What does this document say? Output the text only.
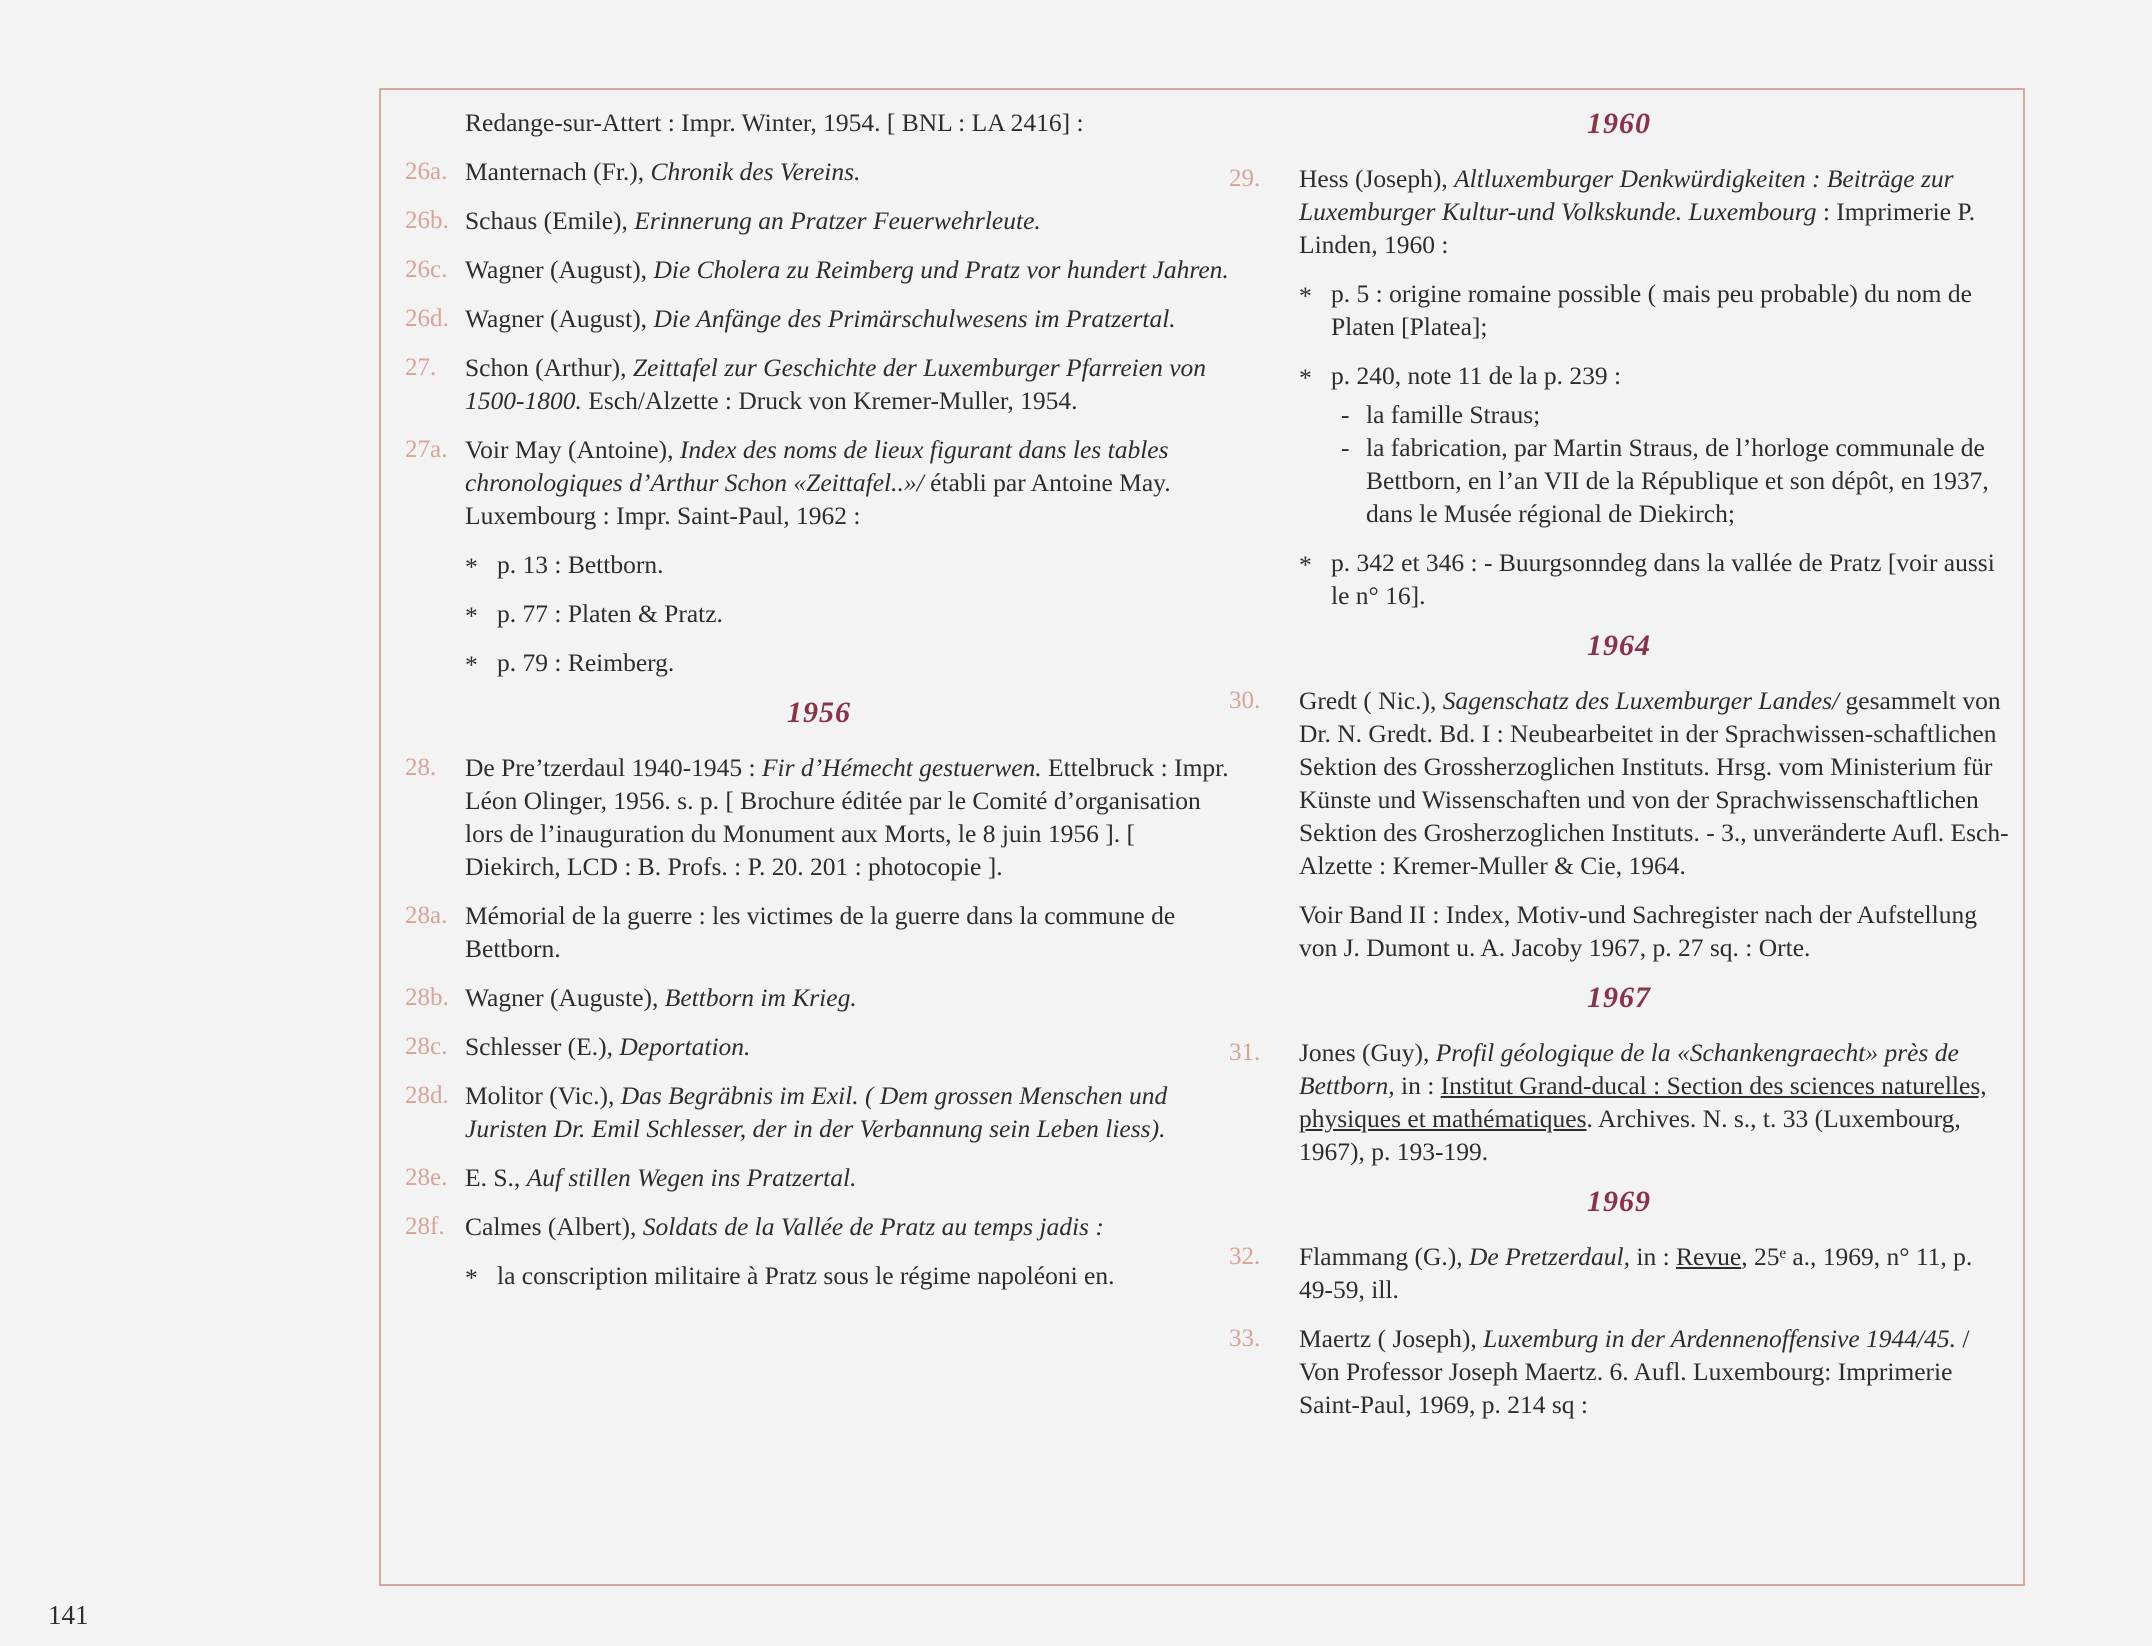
141
Redange-sur-Attert : Impr. Winter, 1954. [ BNL : LA 2416] :
26a. Manternach (Fr.), Chronik des Vereins.
26b. Schaus (Emile), Erinnerung an Pratzer Feuerwehrleute.
26c. Wagner (August), Die Cholera zu Reimberg und Pratz vor hundert Jahren.
26d. Wagner (August), Die Anfänge des Primärschulwesens im Pratzertal.
27. Schon (Arthur), Zeittafel zur Geschichte der Luxemburger Pfarreien von 1500-1800. Esch/Alzette : Druck von Kremer-Muller, 1954.
27a. Voir May (Antoine), Index des noms de lieux figurant dans les tables chronologiques d’Arthur Schon «Zeittafel..»/ établi par Antoine May. Luxembourg : Impr. Saint-Paul, 1962 :
* p. 13 : Bettborn.
* p. 77 : Platen & Pratz.
* p. 79 : Reimberg.
1956
28. De Pre’tzerdaul 1940-1945 : Fir d’Hémecht gestuerwen. Ettelbruck : Impr. Léon Olinger, 1956. s. p. [ Brochure éditée par le Comité d’organisation lors de l’inauguration du Monument aux Morts, le 8 juin 1956 ]. [ Diekirch, LCD : B. Profs. : P. 20. 201 : photocopie ].
28a. Mémorial de la guerre : les victimes de la guerre dans la commune de Bettborn.
28b. Wagner (Auguste), Bettborn im Krieg.
28c. Schlesser (E.), Deportation.
28d. Molitor (Vic.), Das Begräbnis im Exil. ( Dem grossen Menschen und Juristen Dr. Emil Schlesser, der in der Verbannung sein Leben liess).
28e. E. S., Auf stillen Wegen ins Pratzertal.
28f. Calmes (Albert), Soldats de la Vallée de Pratz au temps jadis :
* la conscription militaire à Pratz sous le régime napoléoni en.
1960
29. Hess (Joseph), Altluxemburger Denkwürdigkeiten : Beiträge zur Luxemburger Kultur-und Volkskunde. Luxembourg : Imprimerie P. Linden, 1960 :
* p. 5 : origine romaine possible ( mais peu probable) du nom de Platen [Platea];
* p. 240, note 11 de la p. 239 :
- la famille Straus;
- la fabrication, par Martin Straus, de l’horloge communale de Bettborn, en l’an VII de la République et son dépôt, en 1937, dans le Musée régional de Diekirch;
* p. 342 et 346 : - Buurgsonndeg dans la vallée de Pratz [voir aussi le n° 16].
1964
30. Gredt ( Nic.), Sagenschatz des Luxemburger Landes/ gesammelt von Dr. N. Gredt. Bd. I : Neubearbeitet in der Sprachwissen-schaftlichen Sektion des Grossherzoglichen Instituts. Hrsg. vom Ministerium für Künste und Wissenschaften und von der Sprachwissenschaftlichen Sektion des Grosherzoglichen Instituts. - 3., unveränderte Aufl. Esch-Alzette : Kremer-Muller & Cie, 1964.
Voir Band II : Index, Motiv-und Sachregister nach der Aufstellung von J. Dumont u. A. Jacoby 1967, p. 27 sq. : Orte.
1967
31. Jones (Guy), Profil géologique de la «Schankengraecht» près de Bettborn, in : Institut Grand-ducal : Section des sciences naturelles, physiques et mathématiques. Archives. N. s., t. 33 (Luxembourg, 1967), p. 193-199.
1969
32. Flammang (G.), De Pretzerdaul, in : Revue, 25ᵉ a., 1969, n° 11, p. 49-59, ill.
33. Maertz ( Joseph), Luxemburg in der Ardennenoffensive 1944/45. / Von Professor Joseph Maertz. 6. Aufl. Luxembourg: Imprimerie Saint-Paul, 1969, p. 214 sq :
